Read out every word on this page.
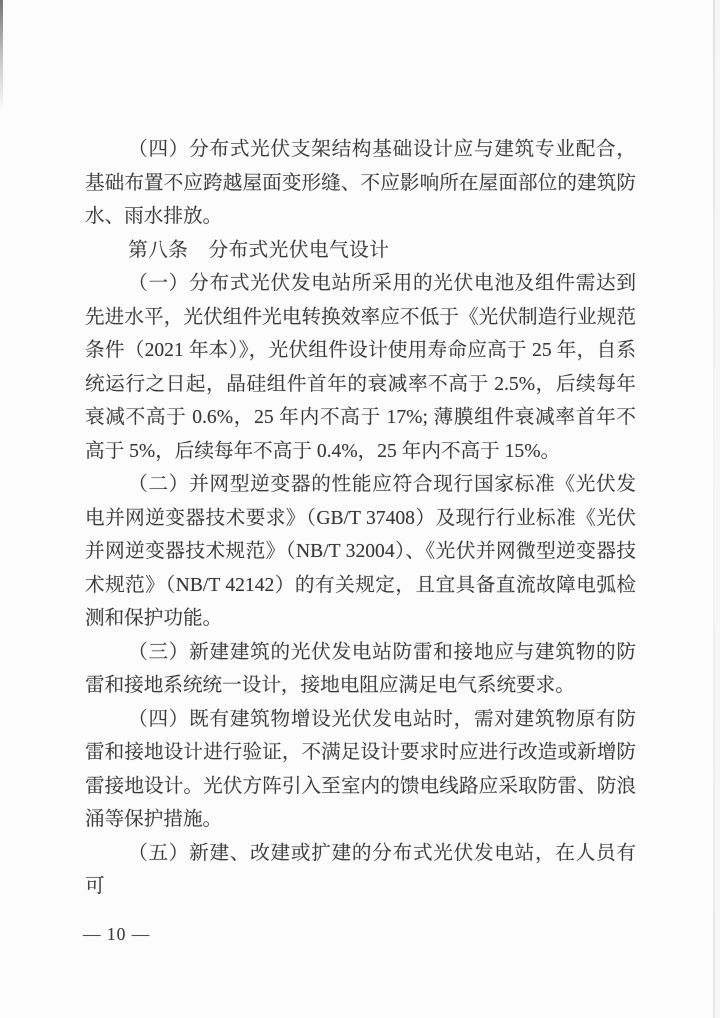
（四）分布式光伏支架结构基础设计应与建筑专业配合，基础布置不应跨越屋面变形缝、不应影响所在屋面部位的建筑防水、雨水排放。

第八条　分布式光伏电气设计

（一）分布式光伏发电站所采用的光伏电池及组件需达到先进水平，光伏组件光电转换效率应不低于《光伏制造行业规范条件（2021 年本）》，光伏组件设计使用寿命应高于 25 年，自系统运行之日起，晶硅组件首年的衰减率不高于 2.5%，后续每年衰减不高于 0.6%，25 年内不高于 17%; 薄膜组件衰减率首年不高于 5%，后续每年不高于 0.4%，25 年内不高于 15%。

（二）并网型逆变器的性能应符合现行国家标准《光伏发电并网逆变器技术要求》（GB/T 37408）及现行行业标准《光伏并网逆变器技术规范》（NB/T 32004）、《光伏并网微型逆变器技术规范》（NB/T 42142）的有关规定，且宜具备直流故障电弧检测和保护功能。

（三）新建建筑的光伏发电站防雷和接地应与建筑物的防雷和接地系统统一设计，接地电阻应满足电气系统要求。

（四）既有建筑物增设光伏发电站时，需对建筑物原有防雷和接地设计进行验证，不满足设计要求时应进行改造或新增防雷接地设计。光伏方阵引入至室内的馈电线路应采取防雷、防浪涌等保护措施。

（五）新建、改建或扩建的分布式光伏发电站，在人员有可

— 10 —
